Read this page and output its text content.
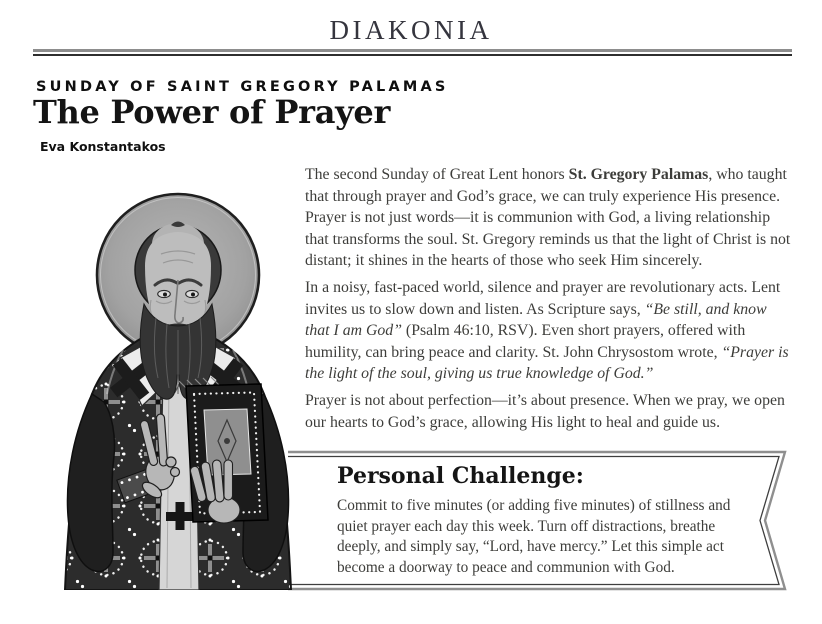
DIAKONIA
SUNDAY OF SAINT GREGORY PALAMAS
The Power of Prayer
Eva Konstantakos

The second Sunday of Great Lent honors St. Gregory Palamas, who taught that through prayer and God’s grace, we can truly experience His presence. Prayer is not just words—it is communion with God, a living relationship that transforms the soul. St. Gregory reminds us that the light of Christ is not distant; it shines in the hearts of those who seek Him sincerely.

In a noisy, fast-paced world, silence and prayer are revolutionary acts. Lent invites us to slow down and listen. As Scripture says, “Be still, and know that I am God” (Psalm 46:10, RSV). Even short prayers, offered with humility, can bring peace and clarity. St. John Chrysostom wrote, “Prayer is the light of the soul, giving us true knowledge of God.”

Prayer is not about perfection—it’s about presence. When we pray, we open our hearts to God’s grace, allowing His light to heal and guide us.

Personal Challenge:
Commit to five minutes (or adding five minutes) of stillness and quiet prayer each day this week. Turn off distractions, breathe deeply, and simply say, “Lord, have mercy.” Let this simple act become a doorway to peace and communion with God.
